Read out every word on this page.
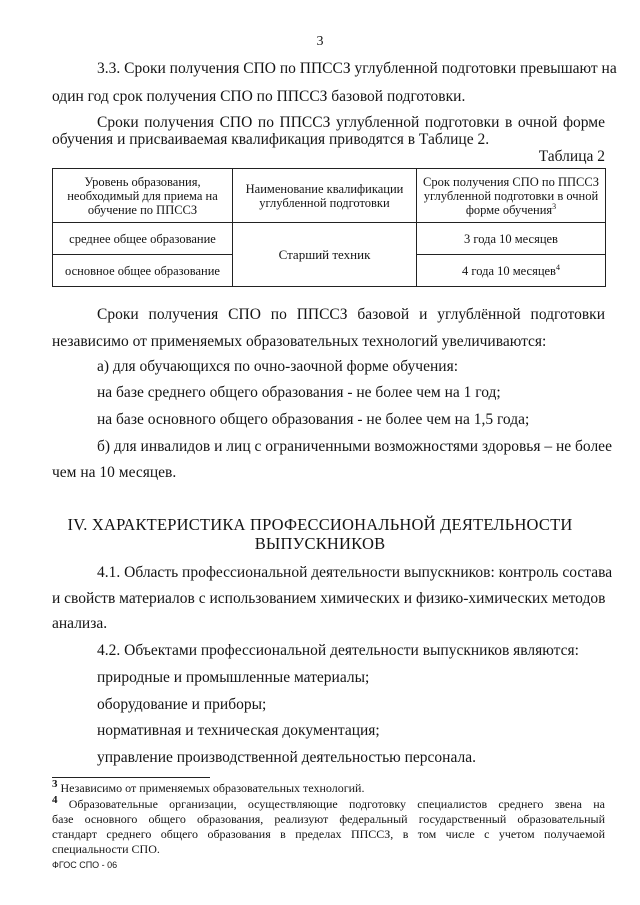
3
3.3. Сроки получения СПО по ППССЗ углубленной подготовки превышают на
один год срок получения СПО по ППССЗ базовой подготовки.
Сроки получения СПО по ППССЗ углубленной подготовки в очной форме
обучения и присваиваемая квалификация приводятся в Таблице 2.
Таблица 2
Уровень образования, необходимый для приема на обучение по ППССЗ	Наименование квалификации углубленной подготовки	Срок получения СПО по ППССЗ углубленной подготовки в очной форме обучения$^3$
среднее общее образование	Старший техник	3 года 10 месяцев
основное общее образование		4 года 10 месяцев$^4$
Сроки получения СПО по ППССЗ базовой и углублённой подготовки
независимо от применяемых образовательных технологий увеличиваются:
а) для обучающихся по очно-заочной форме обучения:
на базе среднего общего образования - не более чем на 1 год;
на базе основного общего образования - не более чем на 1,5 года;
б) для инвалидов и лиц с ограниченными возможностями здоровья – не более
чем на 10 месяцев.
IV. ХАРАКТЕРИСТИКА ПРОФЕССИОНАЛЬНОЙ ДЕЯТЕЛЬНОСТИ
ВЫПУСКНИКОВ
4.1. Область профессиональной деятельности выпускников: контроль состава
и свойств материалов с использованием химических и физико-химических методов
анализа.
4.2. Объектами профессиональной деятельности выпускников являются:
природные и промышленные материалы;
оборудование и приборы;
нормативная и техническая документация;
управление производственной деятельностью персонала.
3 Независимо от применяемых образовательных технологий.
4 Образовательные организации, осуществляющие подготовку специалистов среднего звена на
базе основного общего образования, реализуют федеральный государственный образовательный
стандарт среднего общего образования в пределах ППССЗ, в том числе с учетом получаемой
специальности СПО.
ФГОС СПО - 06
